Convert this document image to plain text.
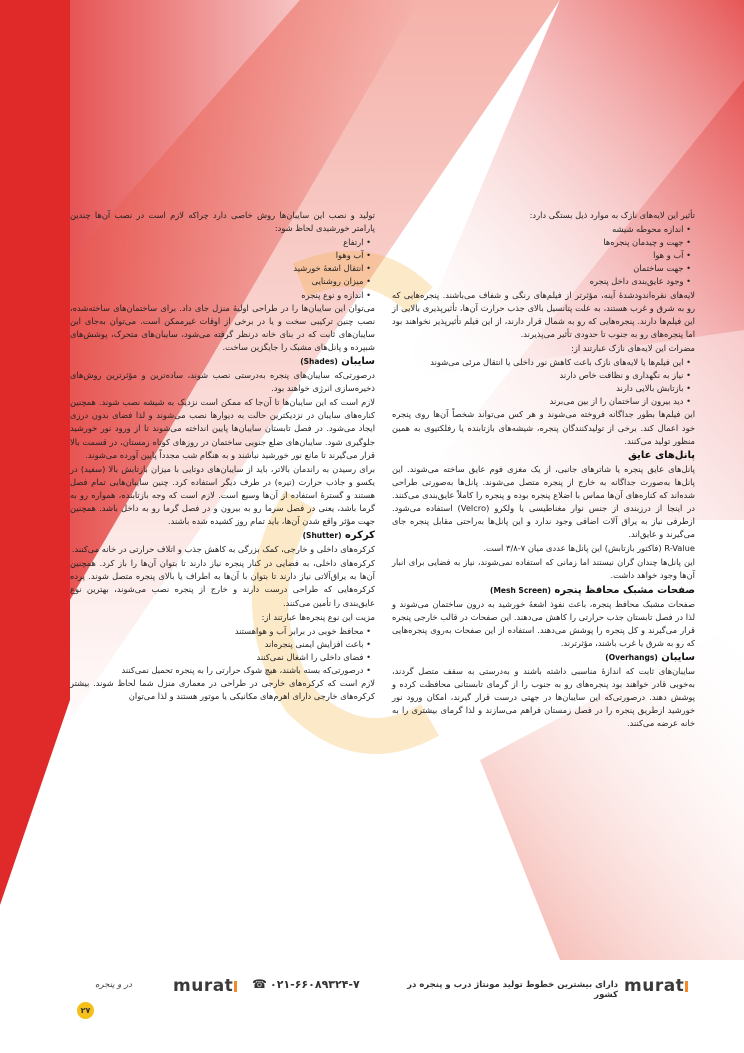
تأثیر این لایه‌های نازک به موارد ذیل بستگی دارد:

• اندازه محوطه شیشه
• جهت و چیدمان پنجره‌ها
• آب و هوا
• جهت ساختمان
• وجود عایق‌بندی داخل پنجره

لایه‌های نقره‌اندودشدهٔ آینه، مؤثرتر از فیلم‌های رنگی و شفاف می‌باشند. پنجره‌هایی که رو به شرق و غرب هستند، به علت پتانسیل بالای جذب حرارت آن‌ها، تأثیرپذیری بالایی از این فیلم‌ها دارند. پنجره‌هایی که رو به شمال قرار دارند، از این فیلم تأثیرپذیر نخواهند بود اما پنجره‌های رو به جنوب تا حدودی تأثیر می‌پذیرند.

مضرات این لایه‌های نازک عبارتند از:

• این فیلم‌ها یا لایه‌های نازک باعث کاهش نور داخلی یا انتقال مرئی می‌شوند
• نیاز به نگهداری و نظافت خاص دارند
• بازتابش بالایی دارند
• دید بیرون از ساختمان را از بین می‌برند

این فیلم‌ها بطور جداگانه فروخته می‌شوند و هر کس می‌تواند شخصاً آن‌ها روی پنجره خود اعمال کند. برخی از تولیدکنندگان پنجره، شیشه‌های بازتابنده یا رفلکتیوی به همین منظور تولید می‌کنند.

پانل‌های عایق

پانل‌های عایق پنجره یا شاترهای جانبی، از یک مغزی فوم عایق ساخته می‌شوند. این پانل‌ها به‌صورت جداگانه به خارج از پنجره متصل می‌شوند. پانل‌ها به‌صورتی طراحی شده‌اند که کناره‌های آن‌ها مماس با اضلاع پنجره بوده و پنجره را کاملاً عایق‌بندی می‌کنند. در اینجا از درزبندی از جنس نوار مغناطیسی یا ولکرو (Velcro) استفاده می‌شود. ازطرفی نیاز به یراق آلات اضافی وجود ندارد و این پانل‌ها به‌راحتی مقابل پنجره جای می‌گیرند و عایق‌اند.

R-Value (فاکتور بازتابش) این پانل‌ها عددی میان ۷-۳/۸ است.

این پانل‌ها چندان گران نیستند اما زمانی که استفاده نمی‌شوند، نیاز به فضایی برای انبار آن‌ها وجود خواهد داشت.

صفحات مشبک محافظ پنجره (Mesh Screen)

صفحات مشبک محافظ پنجره، باعث نفوذ اشعهٔ خورشید به درون ساختمان می‌شوند و لذا در فصل تابستان جذب حرارتی را کاهش می‌دهند. این صفحات در قالب خارجی پنجره قرار می‌گیرند و کل پنجره را پوشش می‌دهند. استفاده از این صفحات به‌روی پنجره‌هایی که رو به شرق یا غرب باشند، مؤثرترند.

سایبان (Overhangs)

سایبان‌های ثابت که اندازهٔ مناسبی داشته باشند و به‌درستی به سقف متصل گردند، به‌خوبی قادر خواهند بود پنجره‌های رو به جنوب را از گرمای تابستانی محافظت کرده و پوشش دهند. درصورتی‌که این سایبان‌ها در جهتی درست قرار گیرند، امکان ورود نور خورشید ازطریق پنجره را در فصل زمستان فراهم می‌سازند و لذا گرمای بیشتری را به خانه عرضه می‌کنند.

تولید و نصب این سایبان‌ها روش خاصی دارد چراکه لازم است در نصب آن‌ها چندین پارامتر خورشیدی لحاظ شود:

• ارتفاع
• آب وهوا
• انتقال اشعهٔ خورشید
• میزان روشنایی
• اندازه و نوع پنجره

می‌توان این سایبان‌ها را در طراحی اولیهٔ منزل جای داد. برای ساختمان‌های ساخته‌شده، نصب چنین ترکیبی سخت و یا در برخی از اوقات غیرممکن است. می‌توان به‌جای این سایبان‌های ثابت که در بنای خانه درنظر گرفته می‌شود، سایبان‌های متحرک، پوشش‌های شبپرده و پانل‌های مشبک را جایگزین ساخت.

سایبان (Shades)

درصورتی‌که سایبان‌های پنجره به‌درستی نصب شوند، ساده‌ترین و مؤثرترین روش‌های ذخیره‌سازی انرژی خواهند بود.

لازم است که این سایبان‌ها تا آن‌جا که ممکن است نزدیک به شیشه نصب شوند. همچنین کناره‌های سایبان در نزدیکترین حالت به دیوارها نصب می‌شوند و لذا فضای بدون درزی ایجاد می‌شود. در فصل تابستان سایبان‌ها پایین انداخته می‌شوند تا از ورود نور خورشید جلوگیری شود. سایبان‌های ضلع جنوبی ساختمان در روزهای کوتاه زمستان، در قسمت بالا قرار می‌گیرند تا مانع نور خورشید نباشند و به هنگام شب مجدداً پایین آورده می‌شوند.

برای رسیدن به راندمان بالاتر، باید از سایبان‌های دوتایی با میزان بازتابش بالا (سفید) در یکسو و جاذب حرارت (تیره) در طرف دیگر استفاده کرد. چنین سایبان‌هایی تمام فصل هستند و گسترهٔ استفاده از آن‌ها وسیع است. لازم است که وجه بازتابنده، همواره رو به گرما باشد، یعنی در فصل سرما رو به بیرون و در فصل گرما رو به داخل باشد. همچنین جهت مؤثر واقع شدن آن‌ها، باید تمام روز کشیده شده باشند.

کرکره (Shutter)

کرکره‌های داخلی و خارجی، کمک بزرگی به کاهش جذب و اتلاف حرارتی در خانه می‌کنند.

کرکره‌های داخلی، به فضایی در کنار پنجره نیاز دارند تا بتوان آن‌ها را باز کرد. همچنین آن‌ها به یراق‌آلاتی نیاز دارند تا بتوان با آن‌ها به اطراف یا بالای پنجره متصل شوند. پرده کرکره‌هایی که طراحی درست دارند و خارج از پنجره نصب می‌شوند، بهترین نوع عایق‌بندی را تأمین می‌کنند.

مزیت این نوع پنجره‌ها عبارتند از:

• محافظ خوبی در برابر آب و هواهستند
• باعث افزایش ایمنی پنجره‌اند
• فضای داخلی را اشغال نمی‌کنند
• درصورتی‌که بسته باشند، هیچ شوک حرارتی را به پنجره تحمیل نمی‌کنند

لازم است که کرکره‌های خارجی در طراحی در معماری منزل شما لحاظ شوند. بیشتر کرکره‌های خارجی دارای اهرم‌های مکانیکی یا موتور هستند و لذا می‌توان

murat
دارای بیشترین خطوط تولید مونتاژ درب و پنجره در کشور
۰۲۱-۶۶۰۸۹۳۲۴-۷
☎
murat
در و پنجره
۲۷
